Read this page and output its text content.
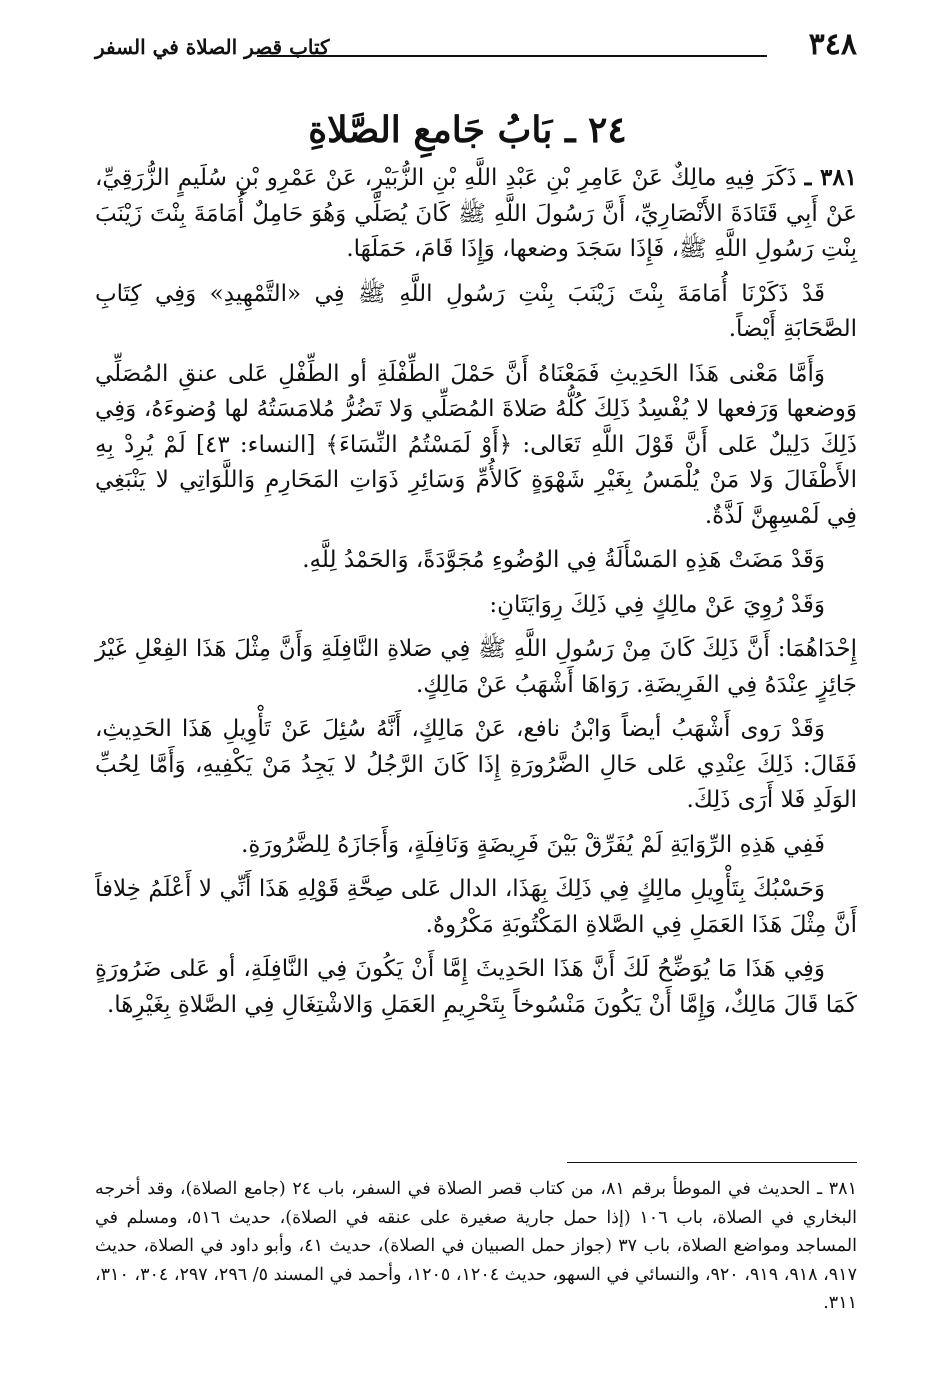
٣٤٨
كتاب قصر الصلاة في السفر
٢٤ ـ بَابُ جَامعِ الصَّلاةِ

٣٨١ ـ ذَكَرَ فِيهِ مالِكٌ عَنْ عَامِرِ بْنِ عَبْدِ اللَّهِ بْنِ الزُّبَيْرِ، عَنْ عَمْرِو بْنِ سُلَيمٍ الزُّرَقِيِّ، عَنْ أَبِي قَتَادَةَ الأَنْصَارِيِّ، أَنَّ رَسُولَ اللَّهِ ﷺ كَانَ يُصَلِّي وَهُوَ حَامِلٌ أُمَامَةَ بِنْتَ زَيْنَبَ بِنْتِ رَسُولِ اللَّهِ ﷺ، فَإِذَا سَجَدَ وضعها، وَإِذَا قَامَ، حَمَلَهَا.

قَدْ ذَكَرْنَا أُمَامَةَ بِنْتَ زَيْنَبَ بِنْتِ رَسُولِ اللَّهِ ﷺ فِي «التَّمْهِيدِ» وَفِي كِتَابِ الصَّحَابَةِ أَيْضاً.

وَأَمَّا مَعْنى هَذَا الحَدِيثِ فَمَعْنَاهُ أَنَّ حَمْلَ الطِّفْلَةِ أو الطِّفْلِ عَلى عنقِ المُصَلِّي وَوضعها وَرَفعها لا يُفْسِدُ ذَلِكَ كُلُّهُ صَلاةَ المُصَلِّي وَلا تَضُرُّ مُلامَسَتُهُ لها وُضوءَهُ، وَفِي ذَلِكَ دَلِيلٌ عَلى أَنَّ قَوْلَ اللَّهِ تَعَالى: ﴿أَوْ لَمَسْتُمُ النِّسَاءَ﴾ [النساء: ٤٣] لَمْ يُرِدْ بِهِ الأَطْفَالَ وَلا مَنْ يُلْمَسُ بِغَيْرِ شَهْوَةٍ كَالأُمِّ وَسَائِرِ ذَوَاتِ المَحَارِمِ وَاللَّوَاتِي لا يَنْبَغِي فِي لَمْسِهِنَّ لَذَّةٌ.

وَقَدْ مَضَتْ هَذِهِ المَسْأَلَةُ فِي الوُضُوءِ مُجَوَّدَةً، وَالحَمْدُ لِلَّهِ.

وَقَدْ رُوِيَ عَنْ مالِكٍ فِي ذَلِكَ رِوَايَتَانِ:

إِحْدَاهُمَا: أَنَّ ذَلِكَ كَانَ مِنْ رَسُولِ اللَّهِ ﷺ فِي صَلاةِ النَّافِلَةِ وَأَنَّ مِثْلَ هَذَا الفِعْلِ غَيْرُ جَائِزٍ عِنْدَهُ فِي الفَرِيضَةِ. رَوَاهَا أَشْهَبُ عَنْ مَالِكٍ.

وَقَدْ رَوى أَشْهَبُ أيضاً وَابْنُ نافع، عَنْ مَالِكٍ، أَنَّهُ سُئِلَ عَنْ تَأْوِيلِ هَذَا الحَدِيثِ، فَقَالَ: ذَلِكَ عِنْدِي عَلى حَالِ الضَّرُورَةِ إِذَا كَانَ الرَّجُلُ لا يَجِدُ مَنْ يَكْفِيهِ، وَأَمَّا لِحُبِّ الوَلَدِ فَلا أَرَى ذَلِكَ.

فَفِي هَذِهِ الرِّوَايَةِ لَمْ يُفَرِّقْ بَيْنَ فَرِيضَةٍ وَنَافِلَةٍ، وَأَجَازَهُ لِلضَّرُورَةِ.

وَحَسْبُكَ بِتَأْوِيلِ مالِكٍ فِي ذَلِكَ بِهَذَا، الدال عَلى صِحَّةِ قَوْلِهِ هَذَا أَنِّي لا أَعْلَمُ خِلافاً أَنَّ مِثْلَ هَذَا العَمَلِ فِي الصَّلاةِ المَكْتُوبَةِ مَكْرُوهٌ.

وَفِي هَذَا مَا يُوَضِّحُ لَكَ أَنَّ هَذَا الحَدِيثَ إِمَّا أَنْ يَكُونَ فِي النَّافِلَةِ، أو عَلى ضَرُورَةٍ كَمَا قَالَ مَالِكٌ، وَإِمَّا أَنْ يَكُونَ مَنْسُوخاً بِتَحْرِيمِ العَمَلِ وَالاشْتِغَالِ فِي الصَّلاةِ بِغَيْرِهَا.

٣٨١ ـ الحديث في الموطأ برقم ٨١، من كتاب قصر الصلاة في السفر، باب ٢٤ (جامع الصلاة)، وقد أخرجه البخاري في الصلاة، باب ١٠٦ (إذا حمل جارية صغيرة على عنقه في الصلاة)، حديث ٥١٦، ومسلم في المساجد ومواضع الصلاة، باب ٣٧ (جواز حمل الصبيان في الصلاة)، حديث ٤١، وأبو داود في الصلاة، حديث ٩١٧، ٩١٨، ٩١٩، ٩٢٠، والنسائي في السهو، حديث ١٢٠٤، ١٢٠٥، وأحمد في المسند ٥/ ٢٩٦، ٢٩٧، ٣٠٤، ٣١٠، ٣١١.
